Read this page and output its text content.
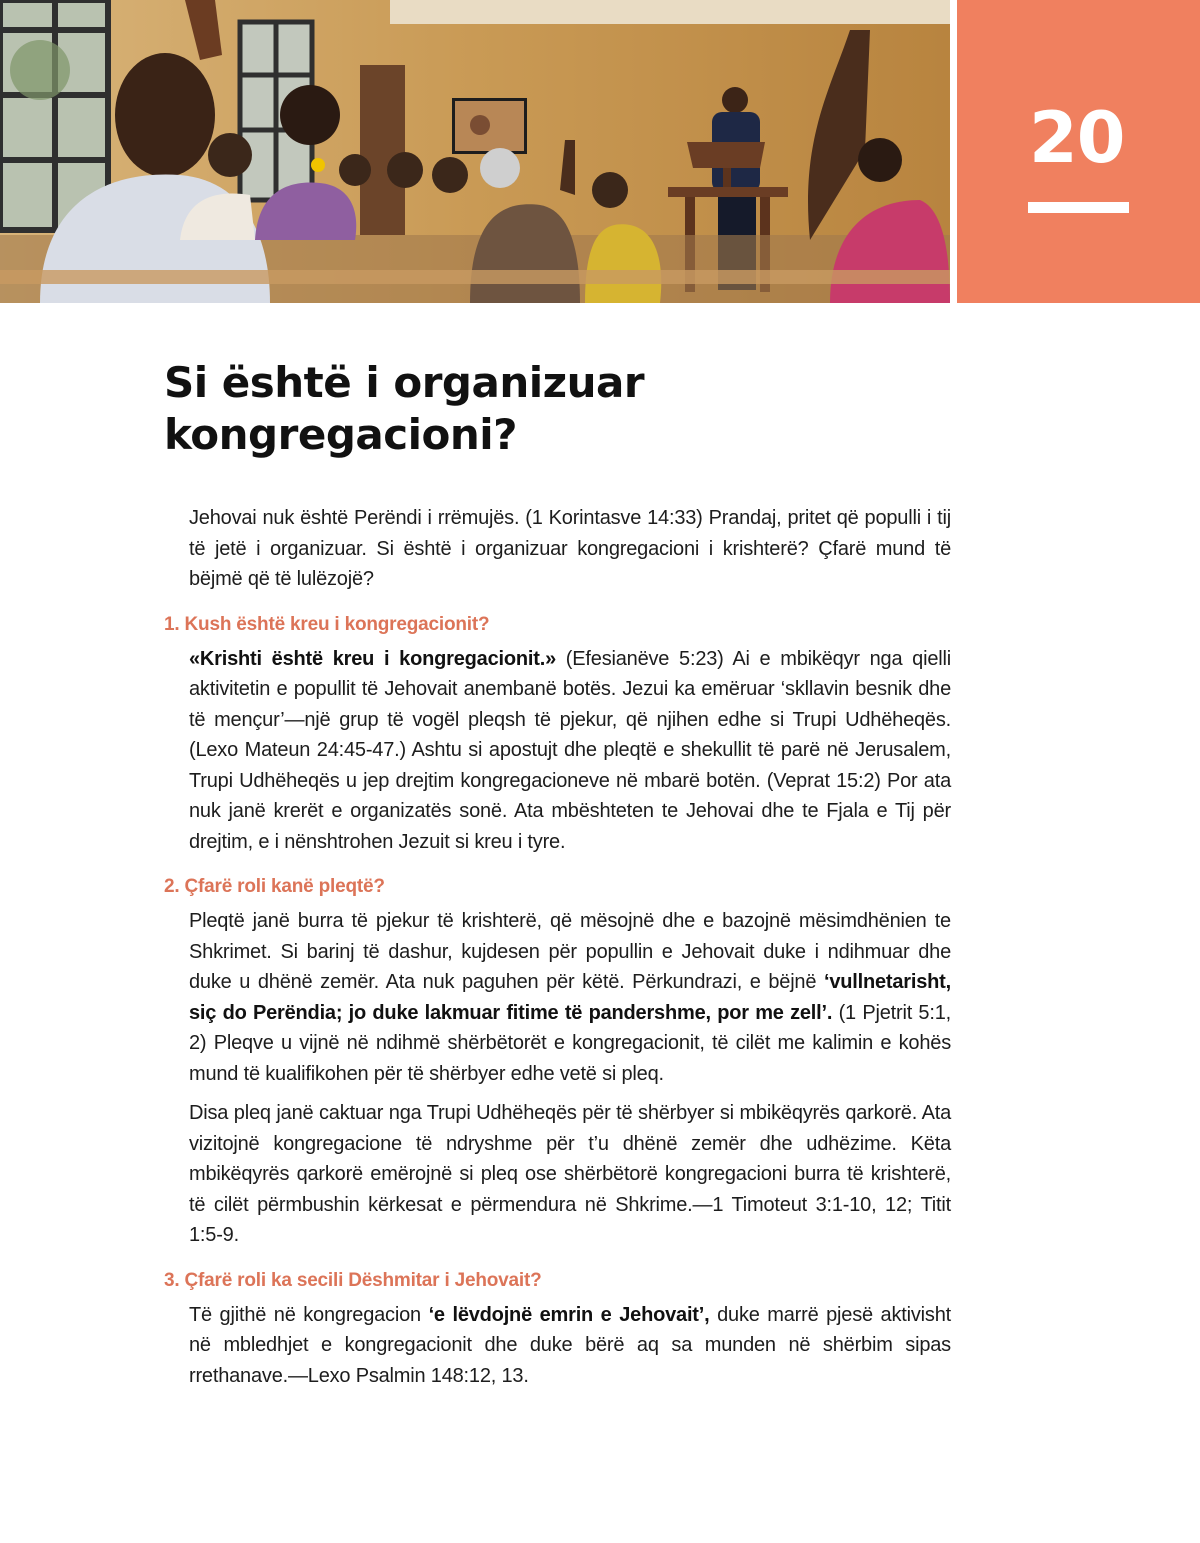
20
Si është i organizuar kongregacioni?

Jehovai nuk është Perëndi i rrëmujës. (1 Korintasve 14:33) Prandaj, pritet që populli i tij të jetë i organizuar. Si është i organizuar kongregacioni i krishterë? Çfarë mund të bëjmë që të lulëzojë?

1. Kush është kreu i kongregacionit?

«Krishti është kreu i kongregacionit.» (Efesianëve 5:23) Ai e mbikëqyr nga qielli aktivitetin e popullit të Jehovait anembanë botës. Jezui ka emëruar ‘skllavin besnik dhe të mençur’—një grup të vogël pleqsh të pjekur, që njihen edhe si Trupi Udhëheqës. (Lexo Mateun 24:45-47.) Ashtu si apostujt dhe pleqtë e shekullit të parë në Jerusalem, Trupi Udhëheqës u jep drejtim kongregacioneve në mbarë botën. (Veprat 15:2) Por ata nuk janë krerët e organizatës sonë. Ata mbështeten te Jehovai dhe te Fjala e Tij për drejtim, e i nënshtrohen Jezuit si kreu i tyre.

2. Çfarë roli kanë pleqtë?

Pleqtë janë burra të pjekur të krishterë, që mësojnë dhe e bazojnë mësimdhënien te Shkrimet. Si barinj të dashur, kujdesen për popullin e Jehovait duke i ndihmuar dhe duke u dhënë zemër. Ata nuk paguhen për këtë. Përkundrazi, e bëjnë ‘vullnetarisht, siç do Perëndia; jo duke lakmuar fitime të pandershme, por me zell’. (1 Pjetrit 5:1, 2) Pleqve u vijnë në ndihmë shërbëtorët e kongregacionit, të cilët me kalimin e kohës mund të kualifikohen për të shërbyer edhe vetë si pleq.

Disa pleq janë caktuar nga Trupi Udhëheqës për të shërbyer si mbikëqyrës qarkorë. Ata vizitojnë kongregacione të ndryshme për t’u dhënë zemër dhe udhëzime. Këta mbikëqyrës qarkorë emërojnë si pleq ose shërbëtorë kongregacioni burra të krishterë, të cilët përmbushin kërkesat e përmendura në Shkrime.—1 Timoteut 3:1-10, 12; Titit 1:5-9.

3. Çfarë roli ka secili Dëshmitar i Jehovait?

Të gjithë në kongregacion ‘e lëvdojnë emrin e Jehovait’, duke marrë pjesë aktivisht në mbledhjet e kongregacionit dhe duke bërë aq sa munden në shërbim sipas rrethanave.—Lexo Psalmin 148:12, 13.
